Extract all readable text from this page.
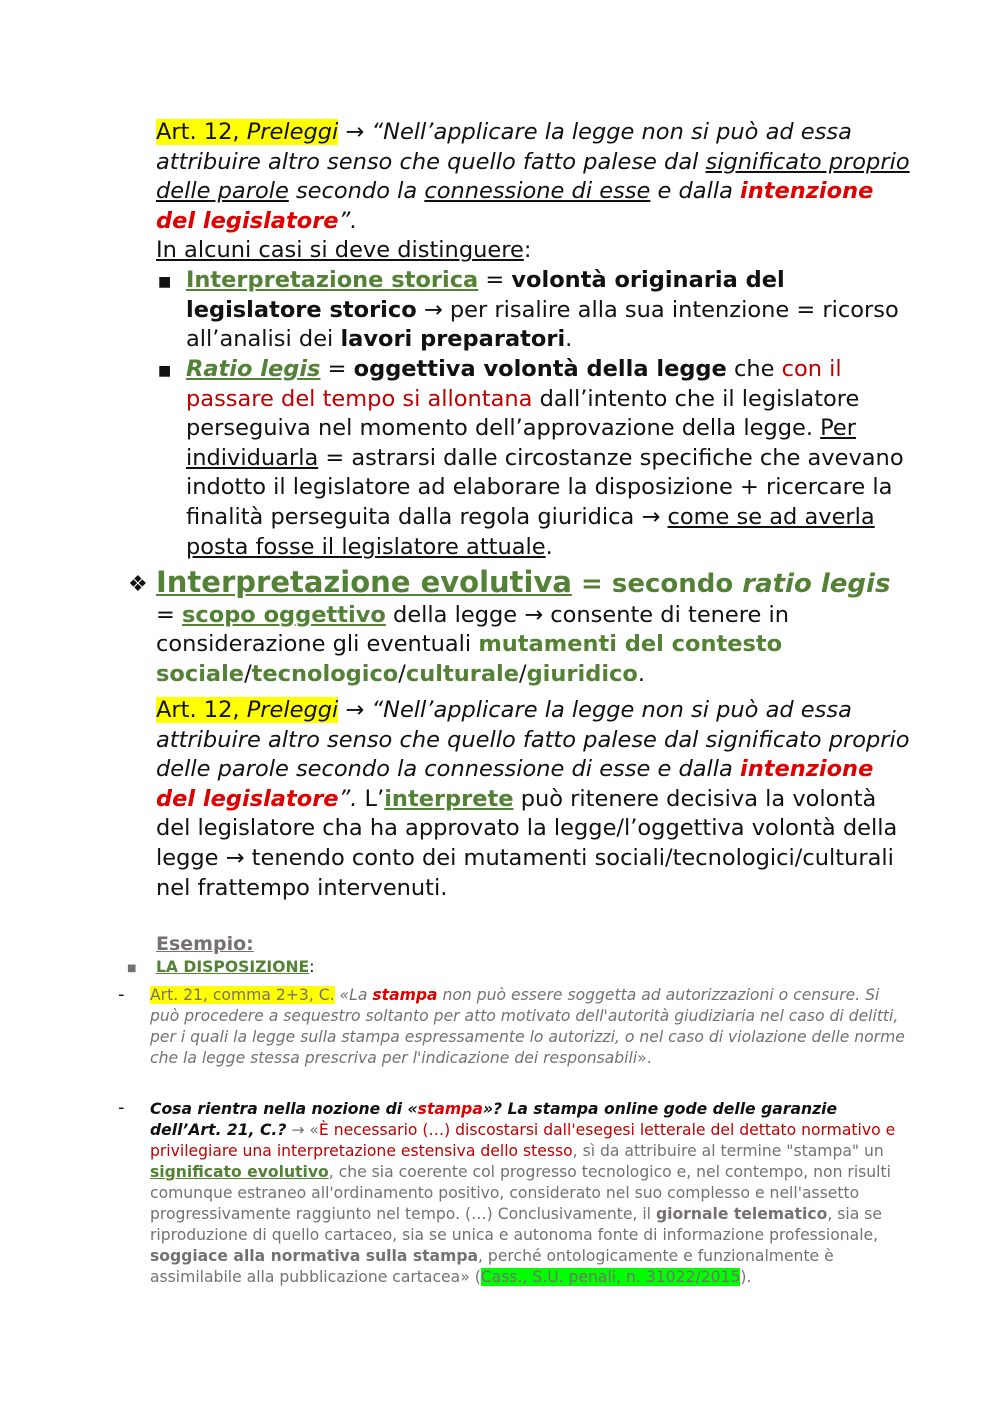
Art. 12, Preleggi → “Nell’applicare la legge non si può ad essa attribuire altro senso che quello fatto palese dal significato proprio delle parole secondo la connessione di esse e dalla intenzione del legislatore”.
In alcuni casi si deve distinguere:
■ Interpretazione storica = volontà originaria del legislatore storico → per risalire alla sua intenzione = ricorso all’analisi dei lavori preparatori.
■ Ratio legis = oggettiva volontà della legge che con il passare del tempo si allontana dall’intento che il legislatore perseguiva nel momento dell’approvazione della legge. Per individuarla = astrarsi dalle circostanze specifiche che avevano indotto il legislatore ad elaborare la disposizione + ricercare la finalità perseguita dalla regola giuridica → come se ad averla posta fosse il legislatore attuale.
❖ Interpretazione evolutiva = secondo ratio legis = scopo oggettivo della legge → consente di tenere in considerazione gli eventuali mutamenti del contesto sociale/tecnologico/culturale/giuridico.
Art. 12, Preleggi → “Nell’applicare la legge non si può ad essa attribuire altro senso che quello fatto palese dal significato proprio delle parole secondo la connessione di esse e dalla intenzione del legislatore”. L’interprete può ritenere decisiva la volontà del legislatore cha ha approvato la legge/l’oggettiva volontà della legge → tenendo conto dei mutamenti sociali/tecnologici/culturali nel frattempo intervenuti.
Esempio:
■ LA DISPOSIZIONE:
- Art. 21, comma 2+3, C. «La stampa non può essere soggetta ad autorizzazioni o censure. Si può procedere a sequestro soltanto per atto motivato dell'autorità giudiziaria nel caso di delitti, per i quali la legge sulla stampa espressamente lo autorizzi, o nel caso di violazione delle norme che la legge stessa prescriva per l'indicazione dei responsabili».
- Cosa rientra nella nozione di «stampa»? La stampa online gode delle garanzie dell’Art. 21, C.? → «È necessario (…) discostarsi dall'esegesi letterale del dettato normativo e privilegiare una interpretazione estensiva dello stesso, sì da attribuire al termine "stampa" un significato evolutivo, che sia coerente col progresso tecnologico e, nel contempo, non risulti comunque estraneo all'ordinamento positivo, considerato nel suo complesso e nell'assetto progressivamente raggiunto nel tempo. (…) Conclusivamente, il giornale telematico, sia se riproduzione di quello cartaceo, sia se unica e autonoma fonte di informazione professionale, soggiace alla normativa sulla stampa, perché ontologicamente e funzionalmente è assimilabile alla pubblicazione cartacea» (Cass., S.U. penali, n. 31022/2015).
